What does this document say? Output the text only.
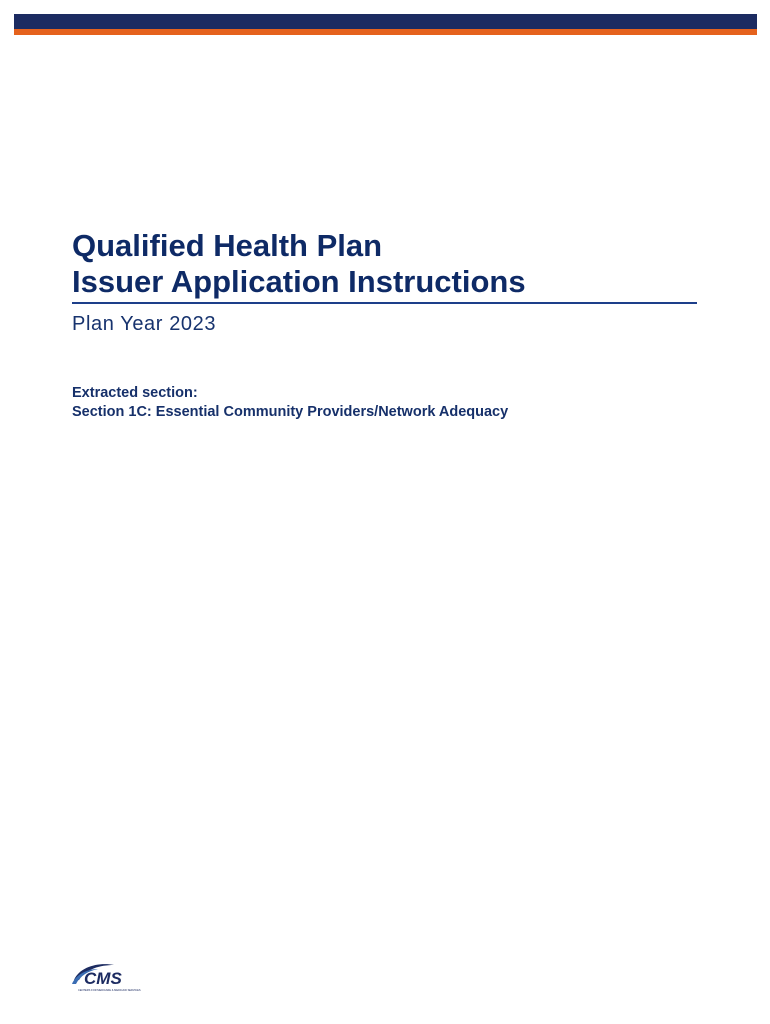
Qualified Health Plan
Issuer Application Instructions
Plan Year 2023
Extracted section:
Section 1C: Essential Community Providers/Network Adequacy
CMS
CENTERS FOR MEDICARE & MEDICAID SERVICES
